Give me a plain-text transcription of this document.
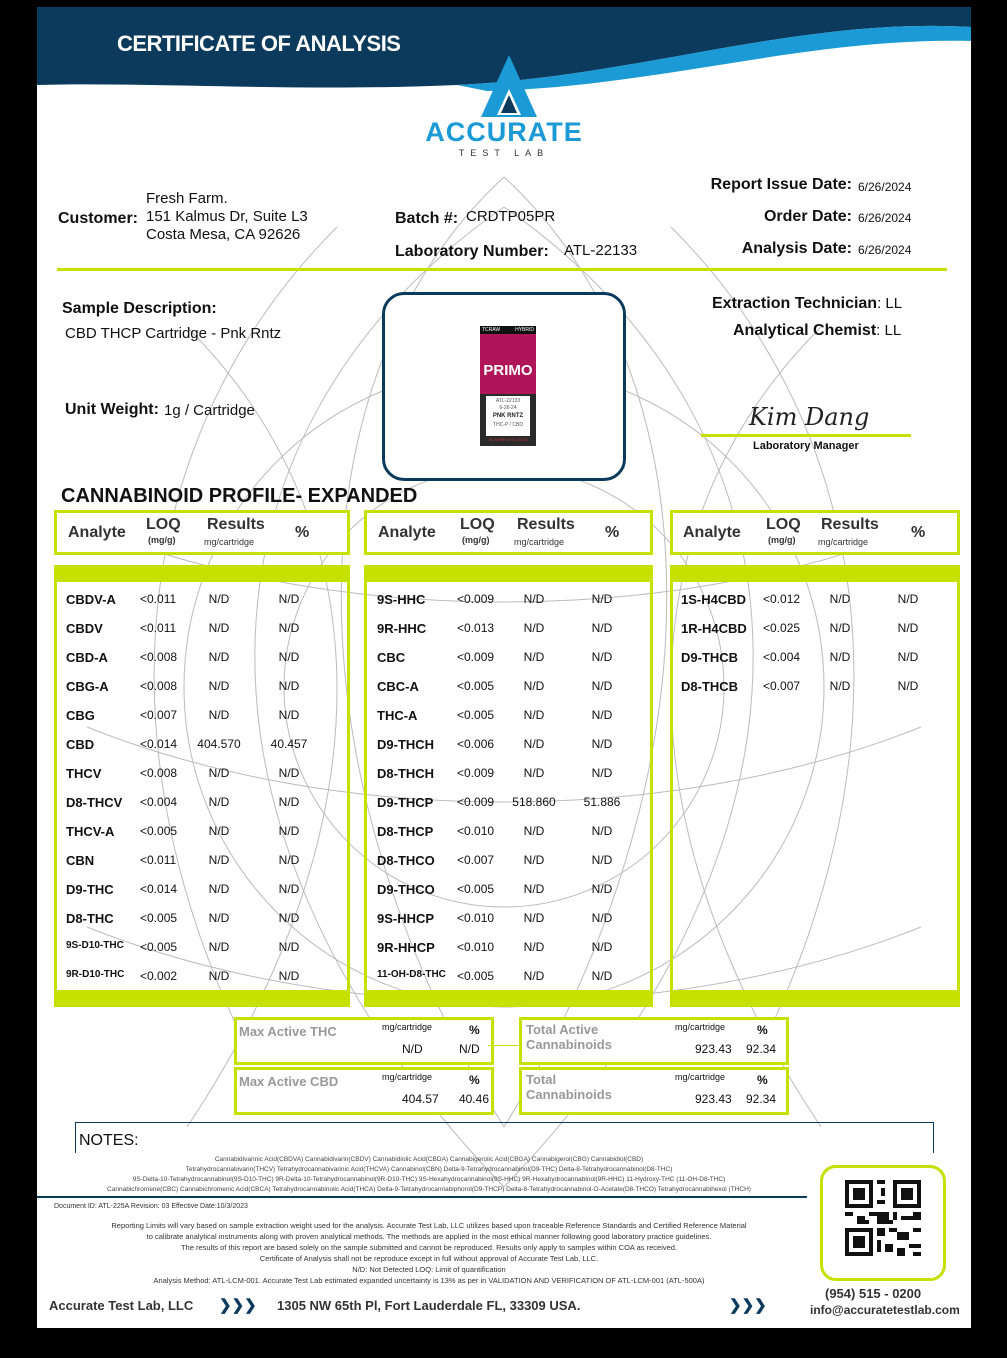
CERTIFICATE OF ANALYSIS
ACCURATE
TEST LAB
Customer:
Fresh Farm.
151 Kalmus Dr, Suite L3
Costa Mesa, CA 92626
Batch #: CRDTP05PR
Laboratory Number: ATL-22133
Report Issue Date: 6/26/2024
Order Date: 6/26/2024
Analysis Date: 6/26/2024
Sample Description:
CBD THCP Cartridge - Pnk Rntz
Unit Weight: 1g / Cartridge
TCRAW	HYBRID
PRIMO
ATL-22133
6-26-24
PNK RNTZ
THC-P / CBD
NO MORE LIKE CLOUD
Extraction Technician: LL
Analytical Chemist: LL
Kim Dang
Laboratory Manager
CANNABINOID PROFILE- EXPANDED
Analyte LOQ
(mg/g)
Results
mg/cartridge
%
CBDV-A <0.011	N/D	N/D
CBDV	<0.011	N/D	N/D
CBD-A	<0.008	N/D	N/D
CBG-A	<0.008	N/D	N/D
CBG	<0.007	N/D	N/D
CBD	<0.014 404.570 40.457
THCV	<0.008	N/D	N/D
D8-THCV <0.004	N/D	N/D
THCV-A <0.005	N/D	N/D
CBN	<0.011	N/D	N/D
D9-THC <0.014	N/D	N/D
D8-THC <0.005	N/D	N/D
9S-D10-THC <0.005	N/D	N/D
9R-D10-THC <0.002	N/D	N/D
Analyte LOQ
(mg/g)
Results
mg/cartridge
%
9S-HHC	<0.009 N/D	N/D
9R-HHC	<0.013 N/D	N/D
CBC	<0.009 N/D	N/D
CBC-A	<0.005 N/D	N/D
THC-A	<0.005 N/D	N/D
D9-THCH <0.006 N/D	N/D
D8-THCH <0.009 N/D	N/D
D9-THCP <0.009 518.860 51.886
D8-THCP <0.010 N/D	N/D
D8-THCO <0.007 N/D	N/D
D9-THCO <0.005 N/D	N/D
9S-HHCP <0.010 N/D	N/D
9R-HHCP <0.010 N/D	N/D
11-OH-D8-THC <0.005 N/D	N/D
Analyte LOQ
(mg/g)
Results
mg/cartridge
%
1S-H4CBD <0.012 N/D	N/D
1R-H4CBD <0.025 N/D	N/D
D9-THCB <0.004 N/D	N/D
D8-THCB <0.007 N/D	N/D
Max Active THC	mg/cartridge	%
N/D	N/D
Max Active CBD	mg/cartridge	%
404.57 40.46
Total Active Cannabinoids
mg/cartridge	%
923.43 92.34
Total Cannabinoids
mg/cartridge	%
923.43 92.34
NOTES:
Cannabidivarinic Acid(CBDVA) Cannabidivarin(CBDV) Cannabidiolic Acid(CBDA) Cannabigerolic Acid(CBGA) Cannabigerol(CBG) Cannabidiol(CBD)
Tetrahydrocannabivarin(THCV) Tetrahydrocannabivarinic Acid(THCVA) Cannabinol(CBN) Delta-9-Tetrahydrocannabinol(D9-THC) Delta-8-Tetrahydrocannabinol(D8-THC)
9S-Delta-10-Tetrahydrocannabinol(9S-D10-THC) 9R-Delta-10-Tetrahydrocannabinol(9R-D10-THC) 9S-Hexahydrocannabinol(9S-HHC) 9R-Hexahydrocannabinol(9R-HHC) 11-Hydroxy-THC (11-OH-D8-THC)
Cannabichromene(CBC) Cannabichromenic Acid(CBCA) Tetrahydrocannabinolic Acid(THCA) Delta-9-Tetrahydrocannabiphorol(D9-THCP) Delta-8-Tetrahydrocannabinol-O-Acetate(D8-THCO) Tetrahydrocannabihexol (THCH)
Document ID: ATL-225A Revision: 03 Effective Date:10/3/2023
Reporting Limits will vary based on sample extraction weight used for the analysis. Accurate Test Lab, LLC utilizes based upon traceable Reference Standards and Certified Reference Material
to calibrate analytical instruments along with proven analytical methods. The methods are applied in the most ethical manner following good laboratory practice guidelines.
The results of this report are based solely on the sample submitted and cannot be reproduced. Results only apply to samples within COA as received.
Certificate of Analysis shall not be reproduce except in full without approval of Accurate Test Lab, LLC.
N/D: Not Detected LOQ: Limit of quantification
Analysis Method: ATL-LCM-001. Accurate Test Lab estimated expanded uncertainty is 13% as per in VALIDATION AND VERIFICATION OF ATL-LCM-001 (ATL-500A)
Accurate Test Lab, LLC ❯❯❯ 1305 NW 65th Pl, Fort Lauderdale FL, 33309 USA.	❯❯❯
(954) 515 - 0200
info@accuratetestlab.com
